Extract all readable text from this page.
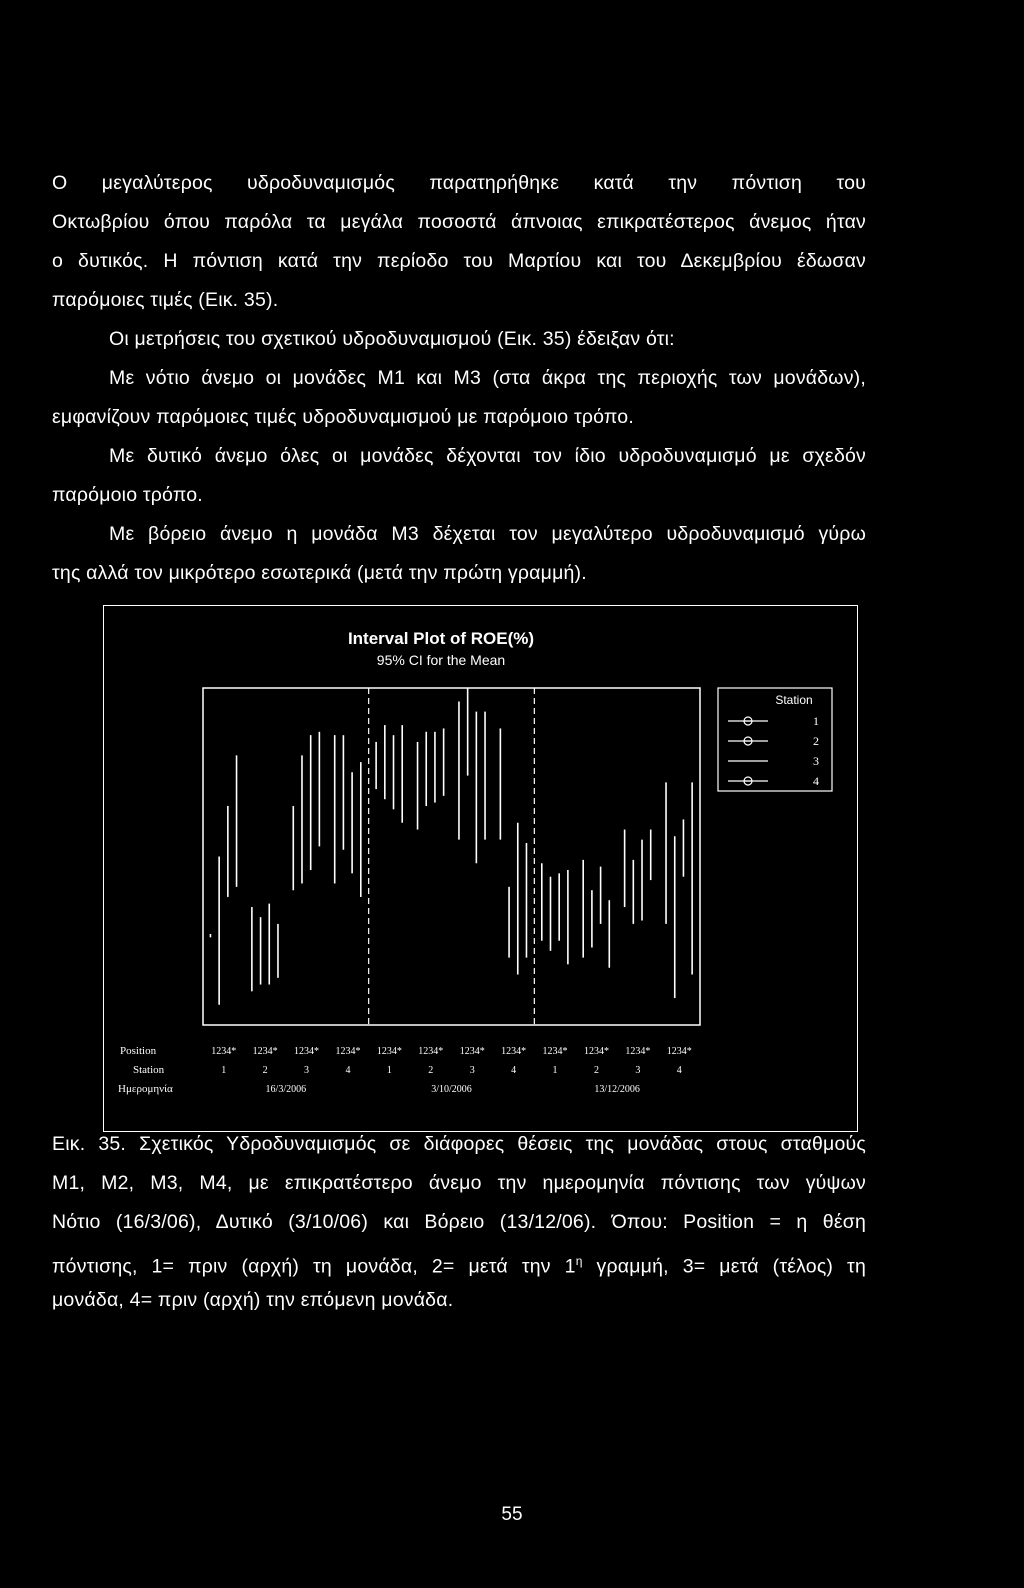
Ο μεγαλύτερος υδροδυναμισμός παρατηρήθηκε κατά την πόντιση του
Οκτωβρίου όπου παρόλα τα μεγάλα ποσοστά άπνοιας επικρατέστερος άνεμος ήταν
ο δυτικός. Η πόντιση κατά την περίοδο του Μαρτίου και του Δεκεμβρίου έδωσαν
παρόμοιες τιμές (Εικ. 35).
Οι μετρήσεις του σχετικού υδροδυναμισμού (Εικ. 35) έδειξαν ότι:
Με νότιο άνεμο οι μονάδες Μ1 και Μ3 (στα άκρα της περιοχής των μονάδων),
εμφανίζουν παρόμοιες τιμές υδροδυναμισμού με παρόμοιο τρόπο.
Με δυτικό άνεμο όλες οι μονάδες δέχονται τον ίδιο υδροδυναμισμό με σχεδόν
παρόμοιο τρόπο.
Με βόρειο άνεμο η μονάδα Μ3 δέχεται τον μεγαλύτερο υδροδυναμισμό γύρω
της αλλά τον μικρότερο εσωτερικά (μετά την πρώτη γραμμή).
Interval Plot of ROE(%)
95% CI for the Mean
Station
Position
Station
Ημερομηνία
1234* 1234* 1234* 1234* 1234* 1234* 1234* 1234* 1234* 1234* 1234* 1234*
1	2	3	4	1	2	3	4	1	2	3	4
16/3/2006	3/10/2006	13/12/2006
1
2
3
4
Εικ. 35. Σχετικός Υδροδυναμισμός σε διάφορες θέσεις της μονάδας στους σταθμούς
Μ1, Μ2, Μ3, Μ4, με επικρατέστερο άνεμο την ημερομηνία πόντισης των γύψων
Νότιο (16/3/06), Δυτικό (3/10/06) και Βόρειο (13/12/06). Όπου: Position = η θέση
πόντισης, 1= πριν (αρχή) τη μονάδα, 2= μετά την $1^\eta$ γραμμή, 3= μετά (τέλος) τη
μονάδα, 4= πριν (αρχή) την επόμενη μονάδα.
55
